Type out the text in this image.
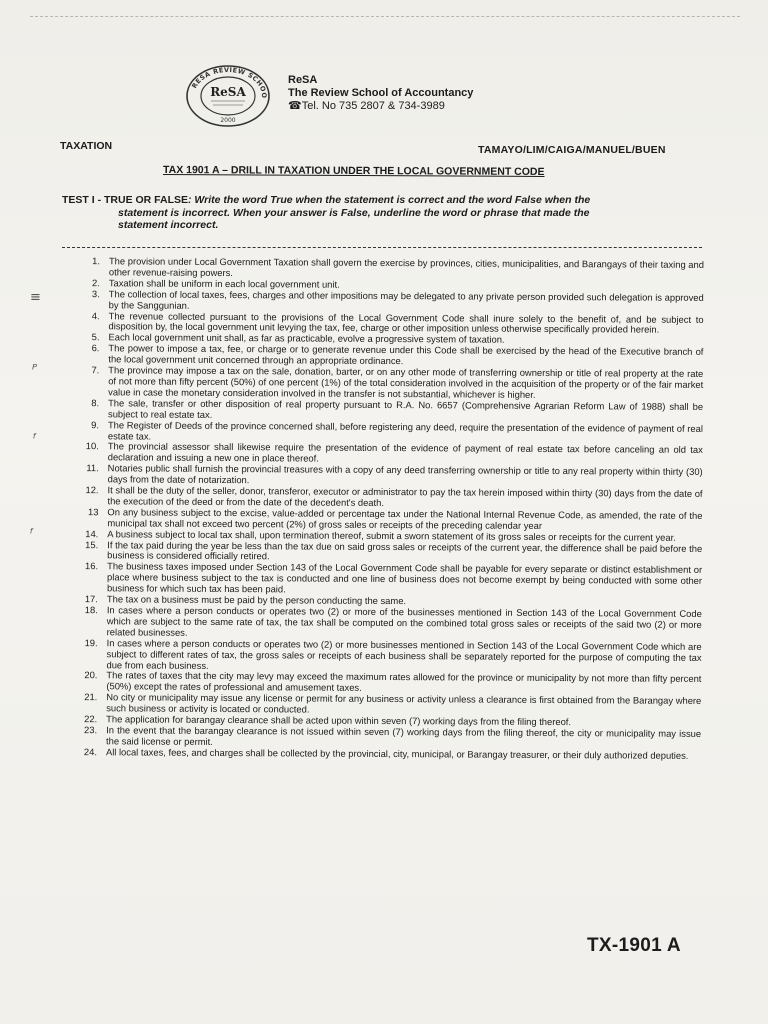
RESA REVIEW SCHOO
ReSA
2000
ReSA
The Review School of Accountancy
☎Tel. No 735 2807 & 734-3989
TAXATION	TAMAYO/LIM/CAIGA/MANUEL/BUEN
TAX 1901 A – DRILL IN TAXATION UNDER THE LOCAL GOVERNMENT CODE
TEST I - TRUE OR FALSE: Write the word True when the statement is correct and the word False when the
statement is incorrect. When your answer is False, underline the word or phrase that made the
statement incorrect.
1. The provision under Local Government Taxation shall govern the exercise by provinces, cities, municipalities, and Barangays of their taxing and other revenue-raising powers.
2. Taxation shall be uniform in each local government unit.
3. The collection of local taxes, fees, charges and other impositions may be delegated to any private person provided such delegation is approved by the Sanggunian.
4. The revenue collected pursuant to the provisions of the Local Government Code shall inure solely to the benefit of, and be subject to disposition by, the local government unit levying the tax, fee, charge or other imposition unless otherwise specifically provided herein.
5. Each local government unit shall, as far as practicable, evolve a progressive system of taxation.
6. The power to impose a tax, fee, or charge or to generate revenue under this Code shall be exercised by the head of the Executive branch of the local government unit concerned through an appropriate ordinance.
7. The province may impose a tax on the sale, donation, barter, or on any other mode of transferring ownership or title of real property at the rate of not more than fifty percent (50%) of one percent (1%) of the total consideration involved in the acquisition of the property or of the fair market value in case the monetary consideration involved in the transfer is not substantial, whichever is higher.
8. The sale, transfer or other disposition of real property pursuant to R.A. No. 6657 (Comprehensive Agrarian Reform Law of 1988) shall be subject to real estate tax.
9. The Register of Deeds of the province concerned shall, before registering any deed, require the presentation of the evidence of payment of real estate tax.
10. The provincial assessor shall likewise require the presentation of the evidence of payment of real estate tax before canceling an old tax declaration and issuing a new one in place thereof.
11. Notaries public shall furnish the provincial treasures with a copy of any deed transferring ownership or title to any real property within thirty (30) days from the date of notarization.
12. It shall be the duty of the seller, donor, transferor, executor or administrator to pay the tax herein imposed within thirty (30) days from the date of the execution of the deed or from the date of the decedent's death.
13 On any business subject to the excise, value-added or percentage tax under the National Internal Revenue Code, as amended, the rate of the municipal tax shall not exceed two percent (2%) of gross sales or receipts of the preceding calendar year
14. A business subject to local tax shall, upon termination thereof, submit a sworn statement of its gross sales or receipts for the current year.
15. If the tax paid during the year be less than the tax due on said gross sales or receipts of the current year, the difference shall be paid before the business is considered officially retired.
16. The business taxes imposed under Section 143 of the Local Government Code shall be payable for every separate or distinct establishment or place where business subject to the tax is conducted and one line of business does not become exempt by being conducted with some other business for which such tax has been paid.
17. The tax on a business must be paid by the person conducting the same.
18. In cases where a person conducts or operates two (2) or more of the businesses mentioned in Section 143 of the Local Government Code which are subject to the same rate of tax, the tax shall be computed on the combined total gross sales or receipts of the said two (2) or more related businesses.
19. In cases where a person conducts or operates two (2) or more businesses mentioned in Section 143 of the Local Government Code which are subject to different rates of tax, the gross sales or receipts of each business shall be separately reported for the purpose of computing the tax due from each business.
20. The rates of taxes that the city may levy may exceed the maximum rates allowed for the province or municipality by not more than fifty percent (50%) except the rates of professional and amusement taxes.
21. No city or municipality may issue any license or permit for any business or activity unless a clearance is first obtained from the Barangay where such business or activity is located or conducted.
22. The application for barangay clearance shall be acted upon within seven (7) working days from the filing thereof.
23. In the event that the barangay clearance is not issued within seven (7) working days from the filing thereof, the city or municipality may issue the said license or permit.
24. All local taxes, fees, and charges shall be collected by the provincial, city, municipal, or Barangay treasurer, or their duly authorized deputies.
≡
ᴾ
ᶠ
ᶠ
TX-1901 A
